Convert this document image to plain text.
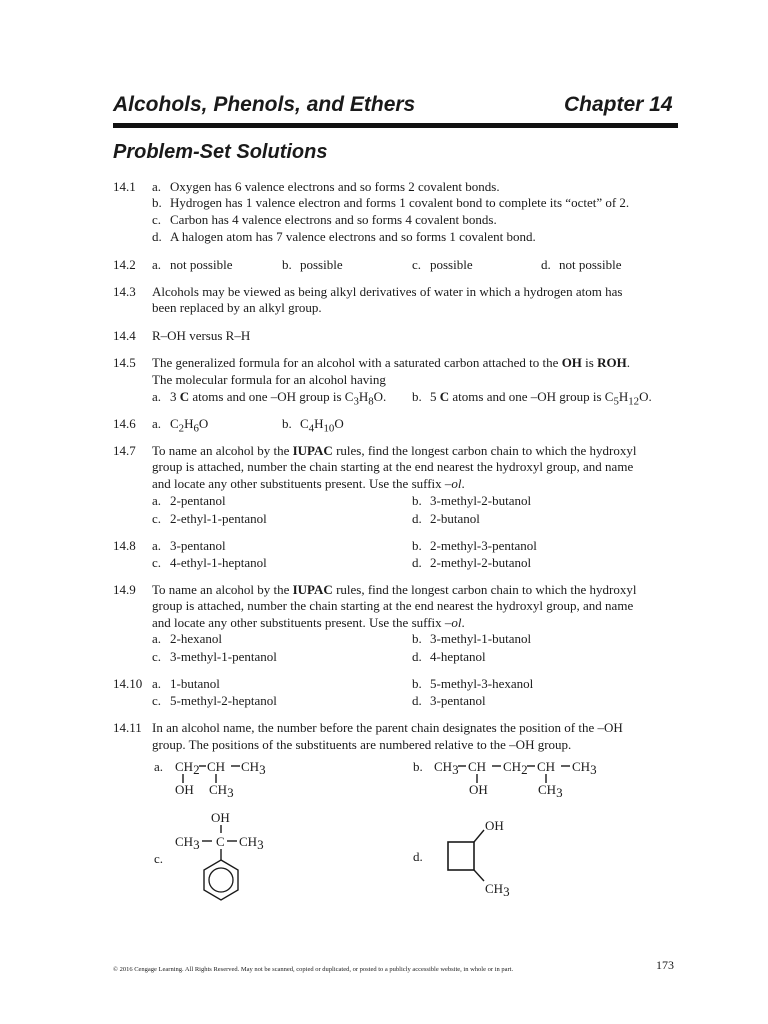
Alcohols, Phenols, and Ethers	Chapter 14
Problem-Set Solutions
14.1 a. Oxygen has 6 valence electrons and so forms 2 covalent bonds.
b. Hydrogen has 1 valence electron and forms 1 covalent bond to complete its “octet” of 2.
c. Carbon has 4 valence electrons and so forms 4 covalent bonds.
d. A halogen atom has 7 valence electrons and so forms 1 covalent bond.
14.2 a. not possible	b. possible	c. possible	d. not possible
14.3 Alcohols may be viewed as being alkyl derivatives of water in which a hydrogen atom has
been replaced by an alkyl group.
14.4 R–OH versus R–H
14.5 The generalized formula for an alcohol with a saturated carbon attached to the OH is ROH.
The molecular formula for an alcohol having
a. 3 C atoms and one –OH group is $C_3H_8O$. b. 5 C atoms and one –OH group is $C_5H_{12}O$.
14.6 a. $C_2H_6O$	b. $C_4H_{10}O$
14.7 To name an alcohol by the IUPAC rules, find the longest carbon chain to which the hydroxyl
group is attached, number the chain starting at the end nearest the hydroxyl group, and name
and locate any other substituents present. Use the suffix –ol.
a. 2-pentanol	b. 3-methyl-2-butanol
c. 2-ethyl-1-pentanol	d. 2-butanol
14.8 a. 3-pentanol	b. 2-methyl-3-pentanol
c. 4-ethyl-1-heptanol	d. 2-methyl-2-butanol
14.9 To name an alcohol by the IUPAC rules, find the longest carbon chain to which the hydroxyl
group is attached, number the chain starting at the end nearest the hydroxyl group, and name
and locate any other substituents present. Use the suffix –ol.
a. 2-hexanol	b. 3-methyl-1-butanol
c. 3-methyl-1-pentanol	d. 4-heptanol
14.10 a. 1-butanol	b. 5-methyl-3-hexanol
c. 5-methyl-2-heptanol	d. 3-pentanol
14.11 In an alcohol name, the number before the parent chain designates the position of the –OH
group. The positions of the substituents are numbered relative to the –OH group.
a. CH2 CH CH3
OH CH3
b. CH3 CH CH2 CH CH3
OH	CH3
c.
OH
CH3 C CH3
d.
OH
CH3
173
© 2016 Cengage Learning. All Rights Reserved. May not be scanned, copied or duplicated, or posted to a publicly accessible website, in whole or in part.
